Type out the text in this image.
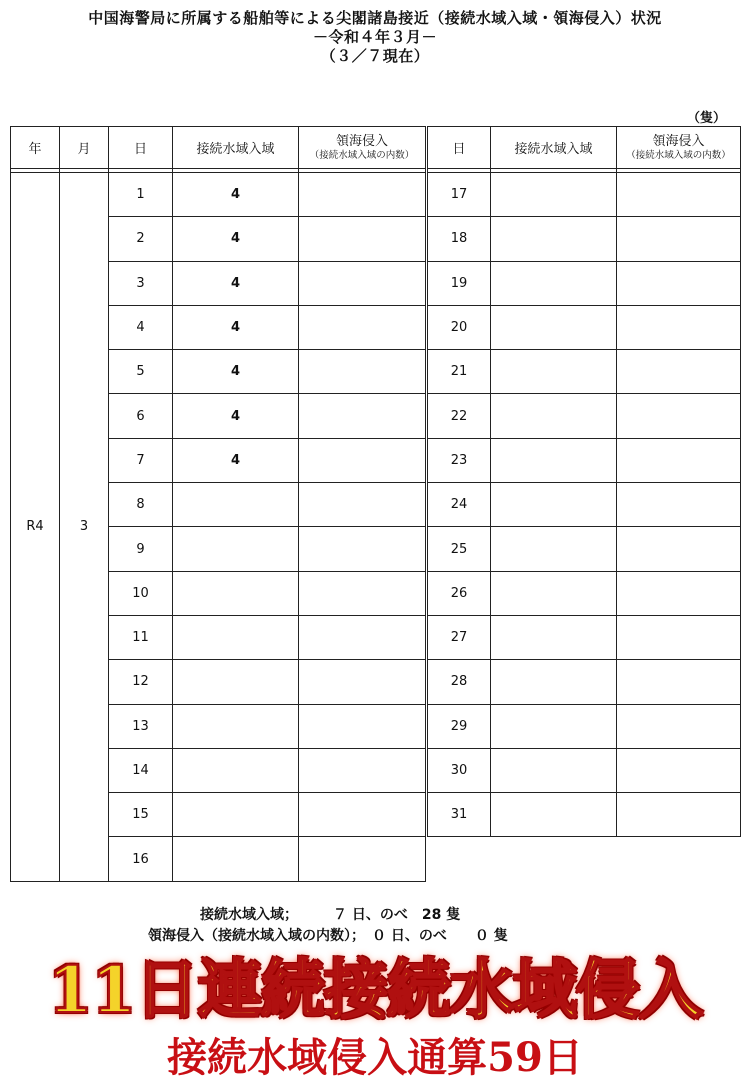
中国海警局に所属する船舶等による尖閣諸島接近（接続水域入域・領海侵入）状況
－令和４年３月－
（３／７現在）
（隻）
年	月	日	接続水域入域	領海侵入
（接続水域入域の内数）

R4	3	1	4	
		2	4	
		3	4	
		4	4	
		5	4	
		6	4	
		7	4	
		8		
		9		
		10		
		11		
		12		
		13		
		14		
		15		
		16		
日	接続水域入域	領海侵入
（接続水域入域の内数）

17		
18		
19		
20		
21		
22		
23		
24		
25		
26		
27		
28		
29		
30		
31		
接続水域入域；　　　７ 日、のべ　28 隻
領海侵入（接続水域入域の内数）；　０ 日、のべ　　０ 隻
11日連続接続水域侵入
接続水域侵入通算59日
